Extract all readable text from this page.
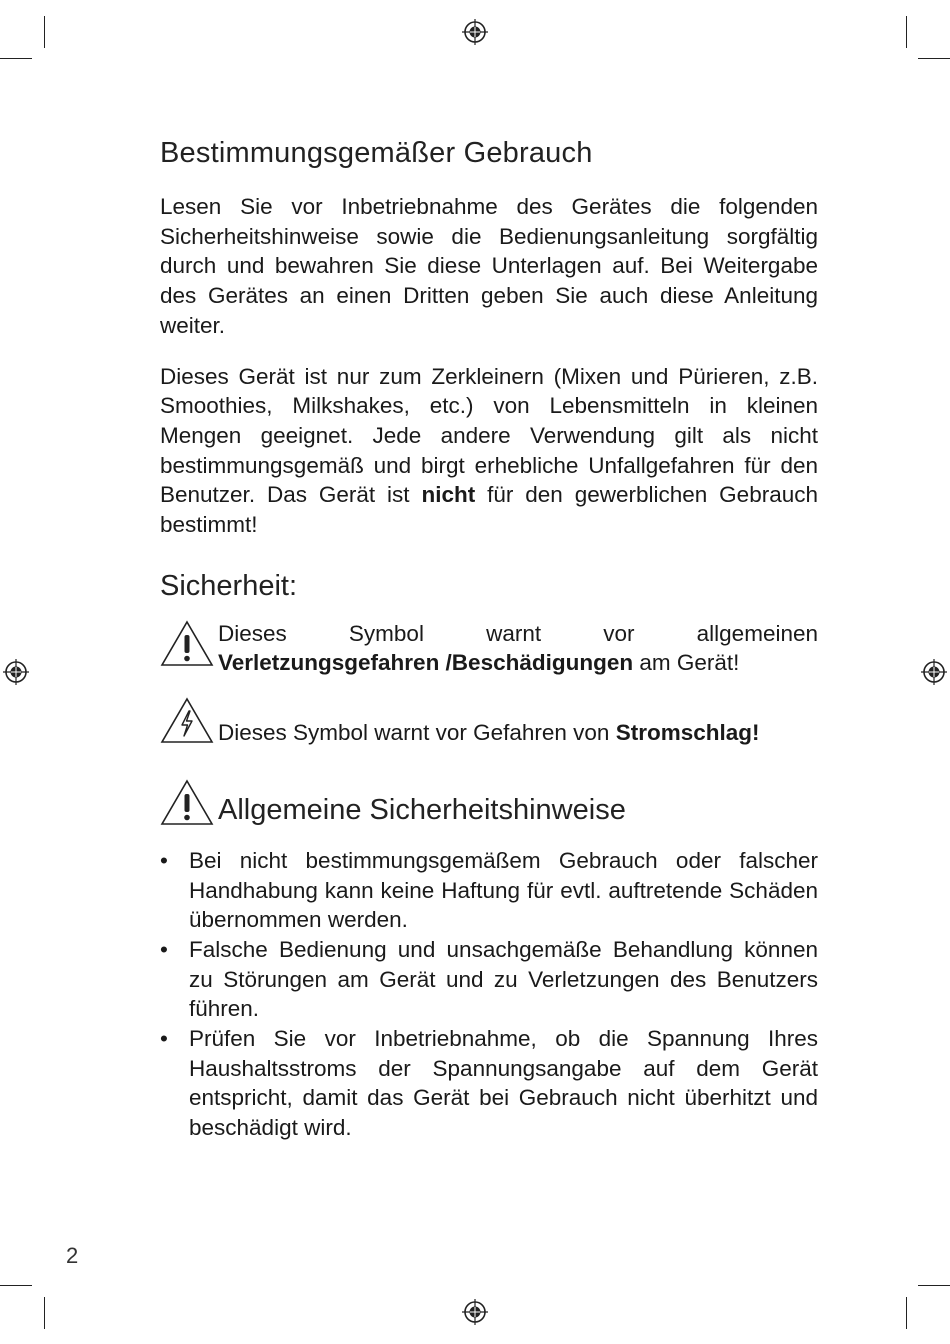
Bestimmungsgemäßer Gebrauch

Lesen Sie vor Inbetriebnahme des Gerätes die folgenden Sicherheitshinweise sowie die Bedienungsanleitung sorgfältig durch und bewahren Sie diese Unterlagen auf. Bei Weitergabe des Gerätes an einen Dritten geben Sie auch diese Anleitung weiter.

Dieses Gerät ist nur zum Zerkleinern (Mixen und Pürieren, z.B. Smoothies, Milkshakes, etc.) von Lebensmitteln in kleinen Mengen geeignet. Jede andere Verwendung gilt als nicht bestimmungsgemäß und birgt erhebliche Unfallgefahren für den Benutzer. Das Gerät ist nicht für den gewerblichen Gebrauch bestimmt!

Sicherheit:
Dieses Symbol warnt vor allgemeinen
Verletzungsgefahren /Beschädigungen am Gerät!
Dieses Symbol warnt vor Gefahren von Stromschlag!
Allgemeine Sicherheitshinweise
• Bei nicht bestimmungsgemäßem Gebrauch oder falscher Handhabung kann keine Haftung für evtl. auftretende Schäden übernommen werden.
• Falsche Bedienung und unsachgemäße Behandlung können zu Störungen am Gerät und zu Verletzungen des Benutzers führen.
• Prüfen Sie vor Inbetriebnahme, ob die Spannung Ihres Haushaltsstroms der Spannungsangabe auf dem Gerät entspricht, damit das Gerät bei Gebrauch nicht überhitzt und beschädigt wird.
2
